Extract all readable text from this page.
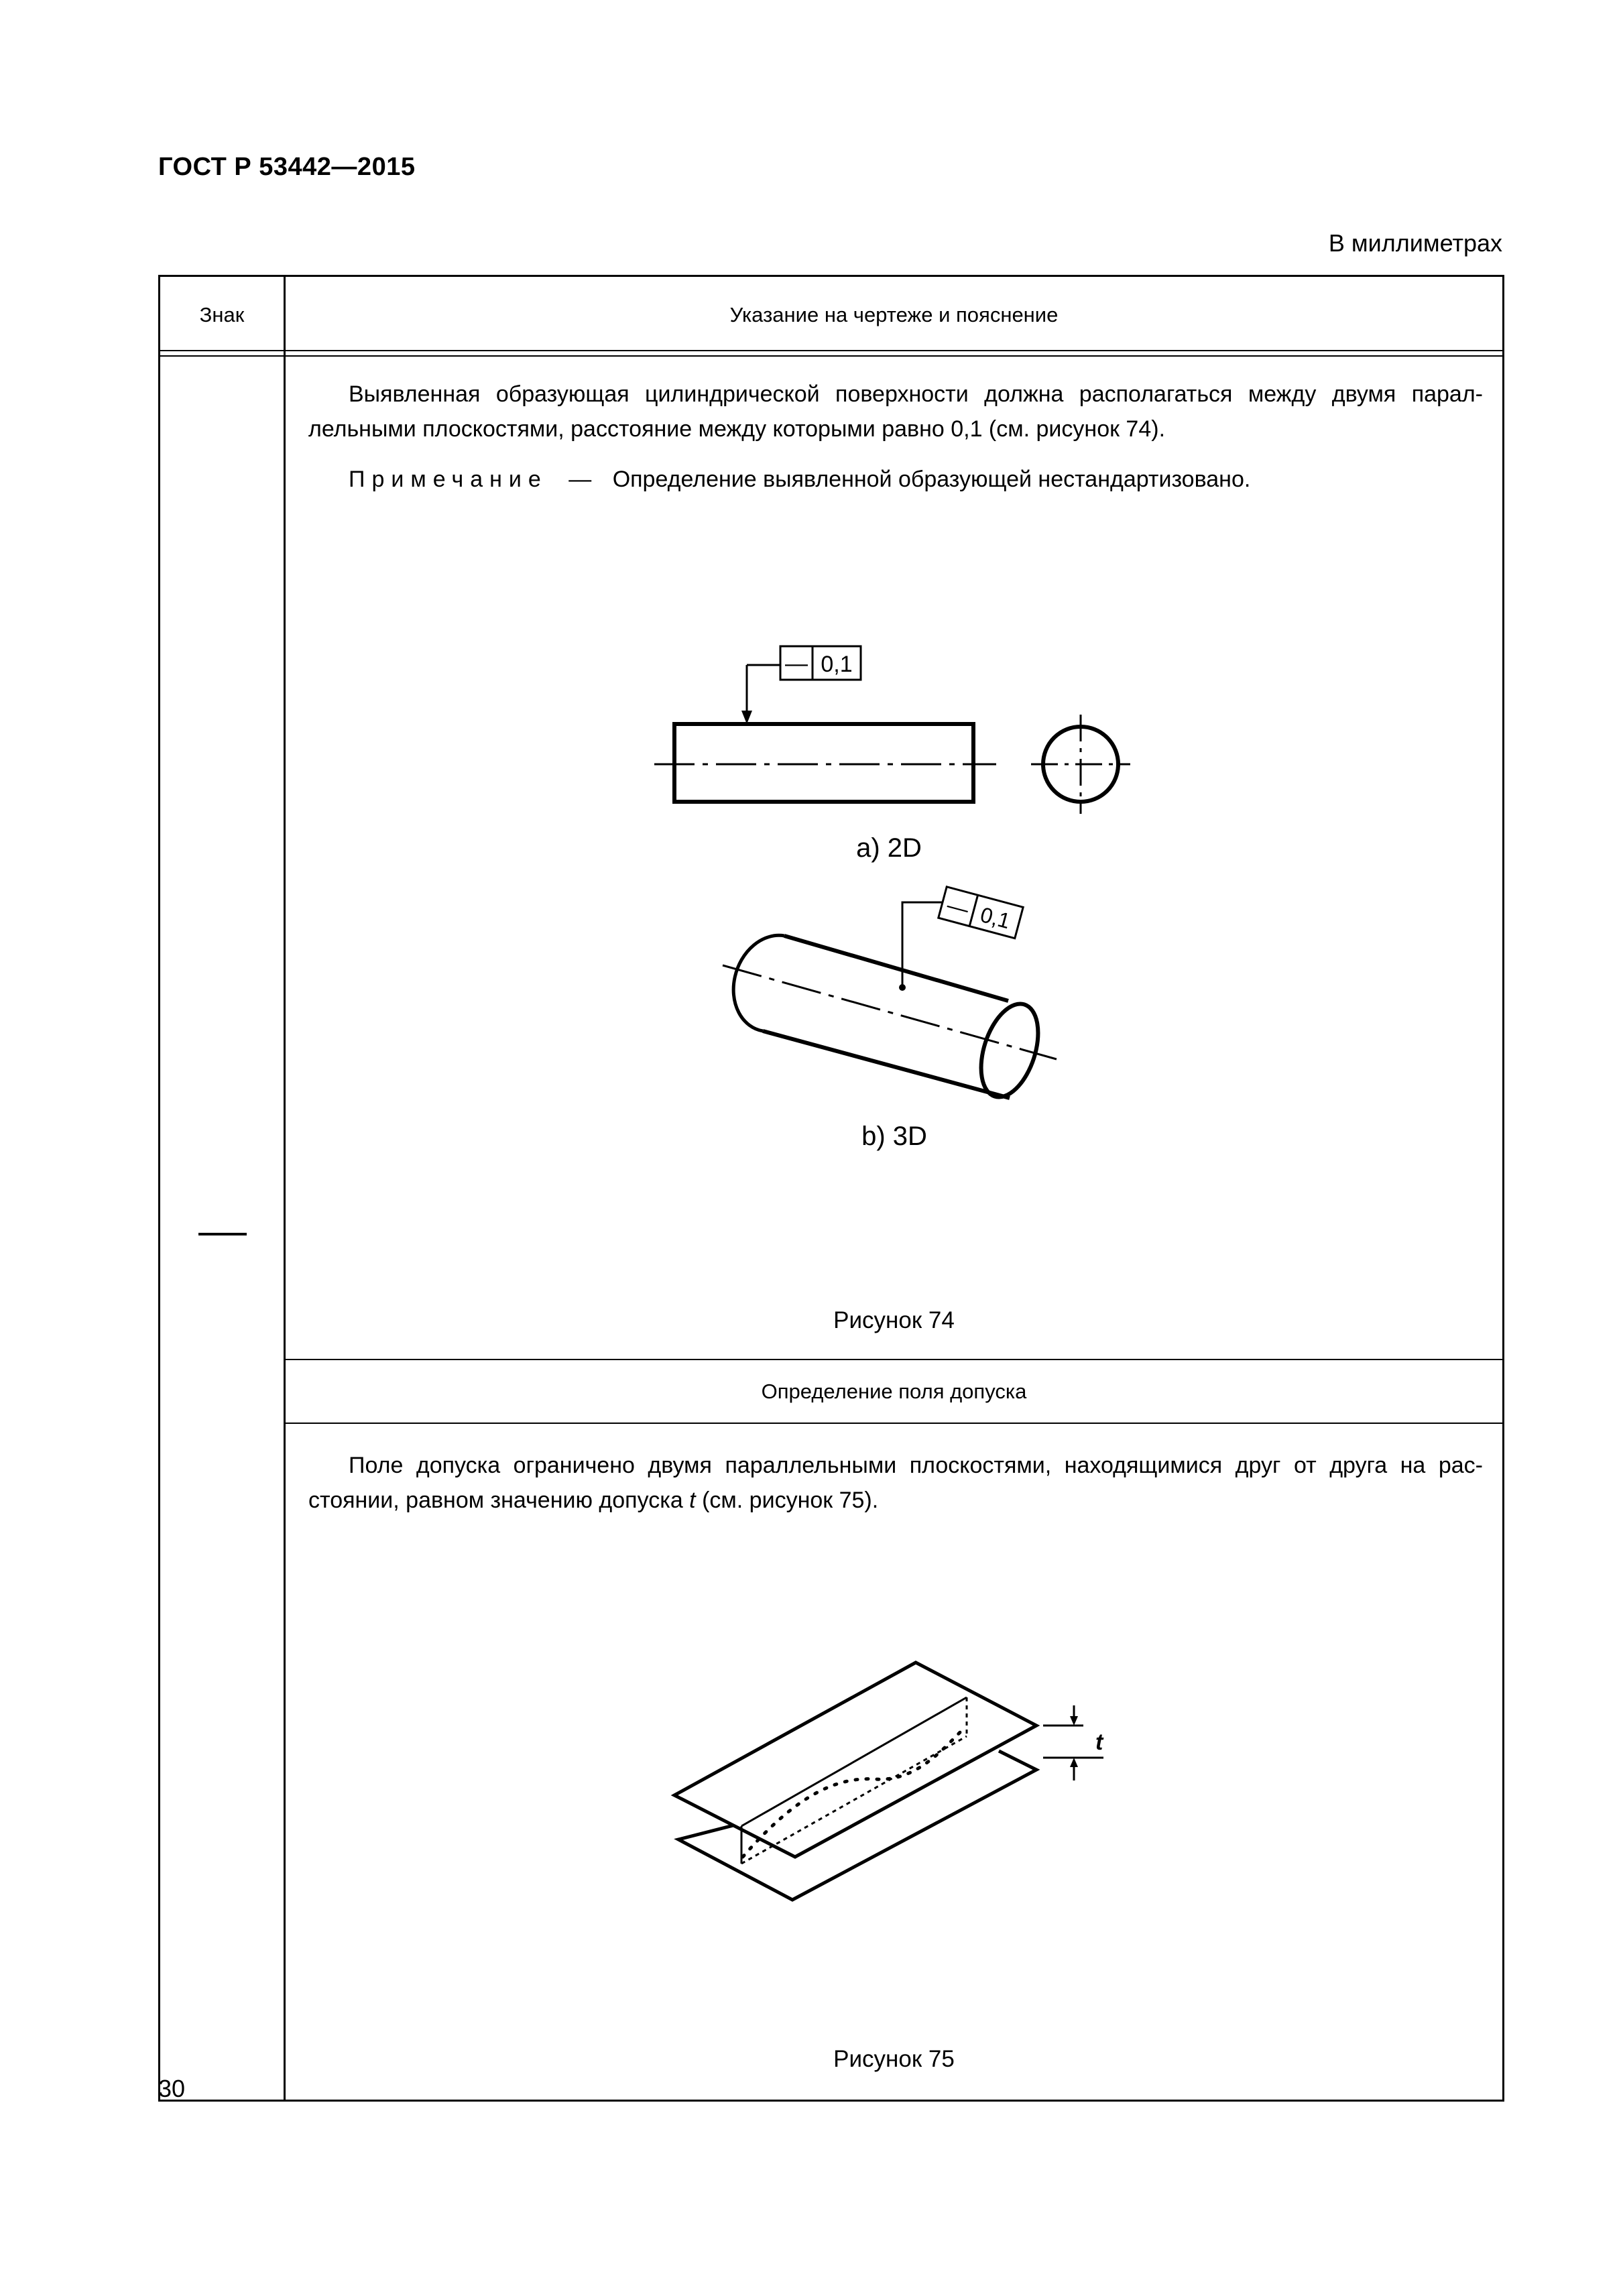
ГОСТ Р 53442—2015
В миллиметрах
Знак	Указание на чертеже и пояснение
Выявленная образующая цилиндрической поверхности должна располагаться между двумя парал- лельными плоскостями, расстояние между которыми равно 0,1 (см. рисунок 74).
Примечание — Определение выявленной образующей нестандартизовано.
— 0,1
a) 2D
— 0,1
b) 3D
Рисунок 74
Определение поля допуска
Поле допуска ограничено двумя параллельными плоскостями, находящимися друг от друга на рас- стоянии, равном значению допуска t (см. рисунок 75).
t
Рисунок 75
30
